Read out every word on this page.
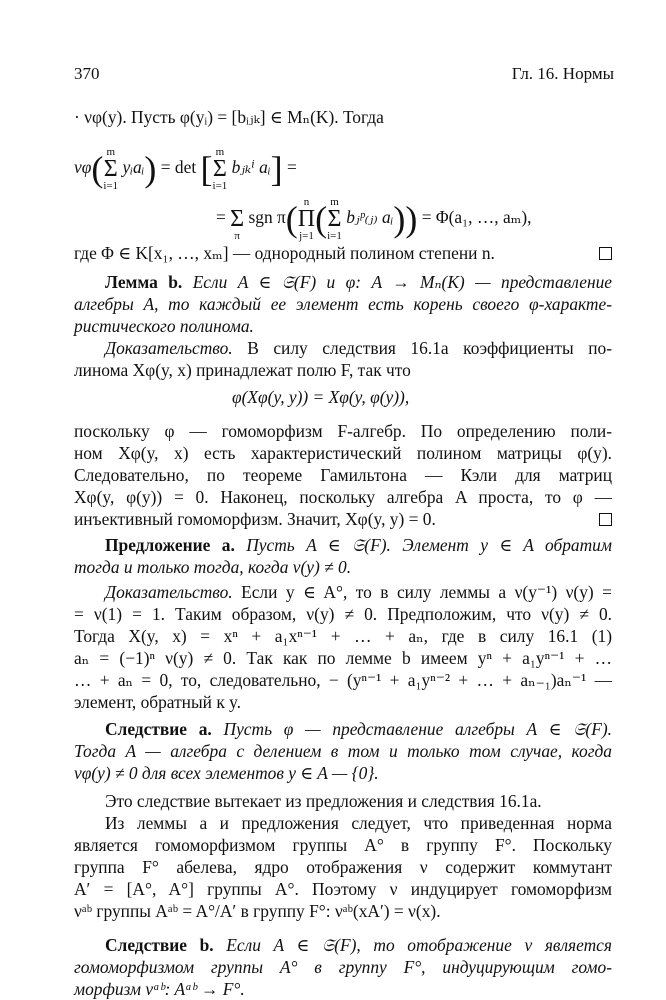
370	Гл. 16. Нормы
· νφ(y). Пусть φ(yᵢ) = [bᵢⱼₖ] ∈ Mₙ(K). Тогда
νφ( m
Σ
i=1 yᵢaᵢ) = det [ m
Σ
i=1 bⱼₖⁱ aᵢ] =
= Σ
π sgn π( n
Π
j=1( m
Σ
i=1 bⱼᵖ₍ⱼ₎ aᵢ)) = Φ(a₁, …, aₘ),
где Φ ∈ K[x₁, …, xₘ] — однородный полином степени n.
Лемма b. Если A ∈ 𝔖(F) и φ: A → Mₙ(K) — представление
алгебры A, то каждый ее элемент есть корень своего φ-характе-
ристического полинома.
Доказательство. В силу следствия 16.1а коэффициенты по-
линома Xφ(y, x) принадлежат полю F, так что
φ(Xφ(y, y)) = Xφ(y, φ(y)),
поскольку φ — гомоморфизм F-алгебр. По определению поли-
ном Xφ(y, x) есть характеристический полином матрицы φ(y).
Следовательно, по теореме Гамильтона — Кэли для матриц
Xφ(y, φ(y)) = 0. Наконец, поскольку алгебра A проста, то φ —
инъективный гомоморфизм. Значит, Xφ(y, y) = 0.
Предложение а. Пусть A ∈ 𝔖(F). Элемент y ∈ A обратим
тогда и только тогда, когда ν(y) ≠ 0.
Доказательство. Если y ∈ A°, то в силу леммы а ν(y⁻¹) ν(y) =
= ν(1) = 1. Таким образом, ν(y) ≠ 0. Предположим, что ν(y) ≠ 0.
Тогда X(y, x) = xⁿ + a₁xⁿ⁻¹ + … + aₙ, где в силу 16.1 (1)
aₙ = (−1)ⁿ ν(y) ≠ 0. Так как по лемме b имеем yⁿ + a₁yⁿ⁻¹ + …
… + aₙ = 0, то, следовательно, − (yⁿ⁻¹ + a₁yⁿ⁻² + … + aₙ₋₁)aₙ⁻¹ —
элемент, обратный к y.
Следствие а. Пусть φ — представление алгебры A ∈ 𝔖(F).
Тогда A — алгебра с делением в том и только том случае, когда
νφ(y) ≠ 0 для всех элементов y ∈ A — {0}.
Это следствие вытекает из предложения и следствия 16.1а.
Из леммы а и предложения следует, что приведенная норма
является гомоморфизмом группы A° в группу F°. Поскольку
группа F° абелева, ядро отображения ν содержит коммутант
A′ = [A°, A°] группы A°. Поэтому ν индуцирует гомоморфизм
νᵃᵇ группы Aᵃᵇ = A°/A′ в группу F°: νᵃᵇ(xA′) = ν(x).
Следствие b. Если A ∈ 𝔖(F), то отображение ν является
гомоморфизмом группы A° в группу F°, индуцирующим гомо-
морфизм νᵃᵇ: Aᵃᵇ → F°.
